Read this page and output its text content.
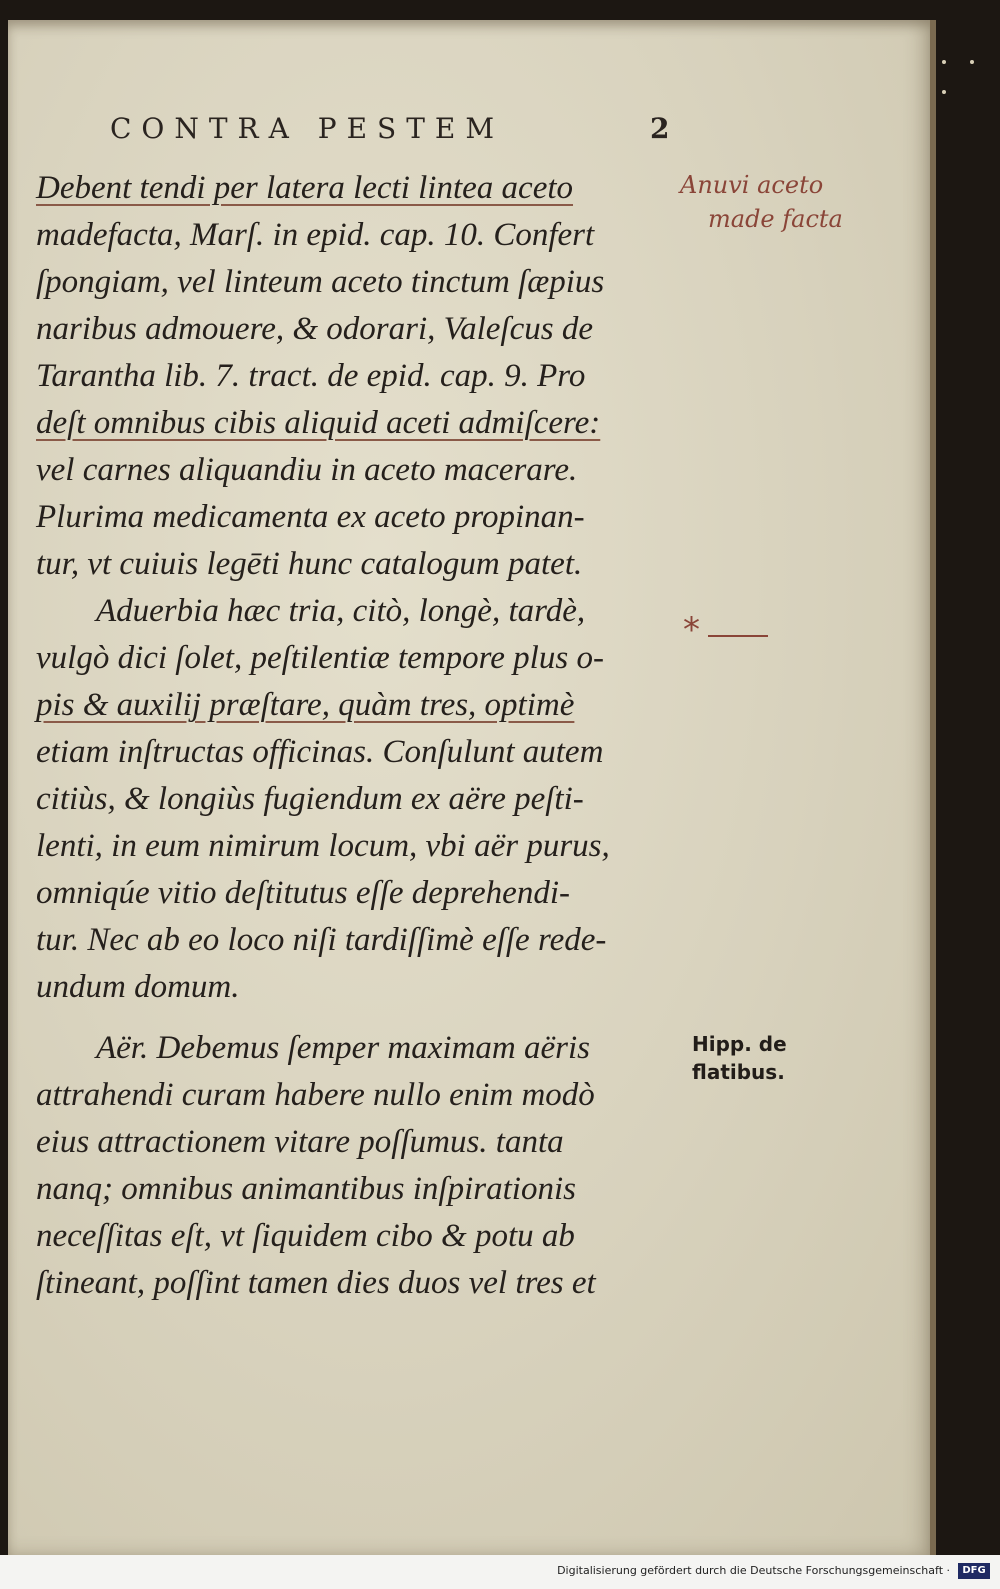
CONTRA PESTEM	2
Debent tendi per latera lecti lintea aceto
madefacta, Marſ. in epid. cap. 10. Confert
ſpongiam, vel linteum aceto tinctum ſæpius
naribus admouere, & odorari, Valeſcus de
Tarantha lib. 7. tract. de epid. cap. 9. Pro
deſt omnibus cibis aliquid aceti admiſcere:
vel carnes aliquandiu in aceto macerare.
Plurima medicamenta ex aceto propinan-
tur, vt cuiuis legēti hunc catalogum patet.
Aduerbia hæc tria, citò, longè, tardè,
vulgò dici ſolet, peſtilentiæ tempore plus o-
pis & auxilij præſtare, quàm tres, optimè
etiam inſtructas officinas. Conſulunt autem
citiùs, & longiùs fugiendum ex aëre peſti-
lenti, in eum nimirum locum, vbi aër purus,
omniqúe vitio deſtitutus eſſe deprehendi-
tur. Nec ab eo loco niſi tardiſſimè eſſe rede-
undum domum.
Aër. Debemus ſemper maximam aëris
attrahendi curam habere nullo enim modò
eius attractionem vitare poſſumus. tanta
nanq; omnibus animantibus inſpirationis
neceſſitas eſt, vt ſiquidem cibo & potu ab
ſtineant, poſſint tamen dies duos vel tres et
Anuvi aceto
made facta
*
Hipp. de
flatibus.
Digitalisierung gefördert durch die Deutsche Forschungsgemeinschaft ·	DFG
